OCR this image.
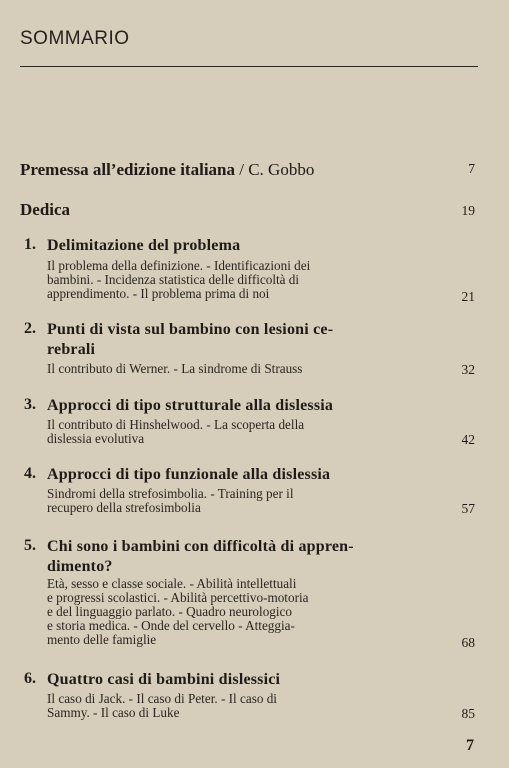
SOMMARIO
Premessa all’edizione italiana / C. Gobbo	7
Dedica	19
1. Delimitazione del problema
Il problema della definizione. - Identificazioni dei
bambini. - Incidenza statistica delle difficoltà di
apprendimento. - Il problema prima di noi	21
2. Punti di vista sul bambino con lesioni ce-
rebrali
Il contributo di Werner. - La sindrome di Strauss	32
3. Approcci di tipo strutturale alla dislessia
Il contributo di Hinshelwood. - La scoperta della
dislessia evolutiva	42
4. Approcci di tipo funzionale alla dislessia
Sindromi della strefosimbolia. - Training per il
recupero della strefosimbolia	57
5. Chi sono i bambini con difficoltà di appren-
dimento?
Età, sesso e classe sociale. - Abilità intellettuali
e progressi scolastici. - Abilità percettivo-motoria
e del linguaggio parlato. - Quadro neurologico
e storia medica. - Onde del cervello - Atteggia-
mento delle famiglie	68
6. Quattro casi di bambini dislessici
Il caso di Jack. - Il caso di Peter. - Il caso di
Sammy. - Il caso di Luke	85
7
